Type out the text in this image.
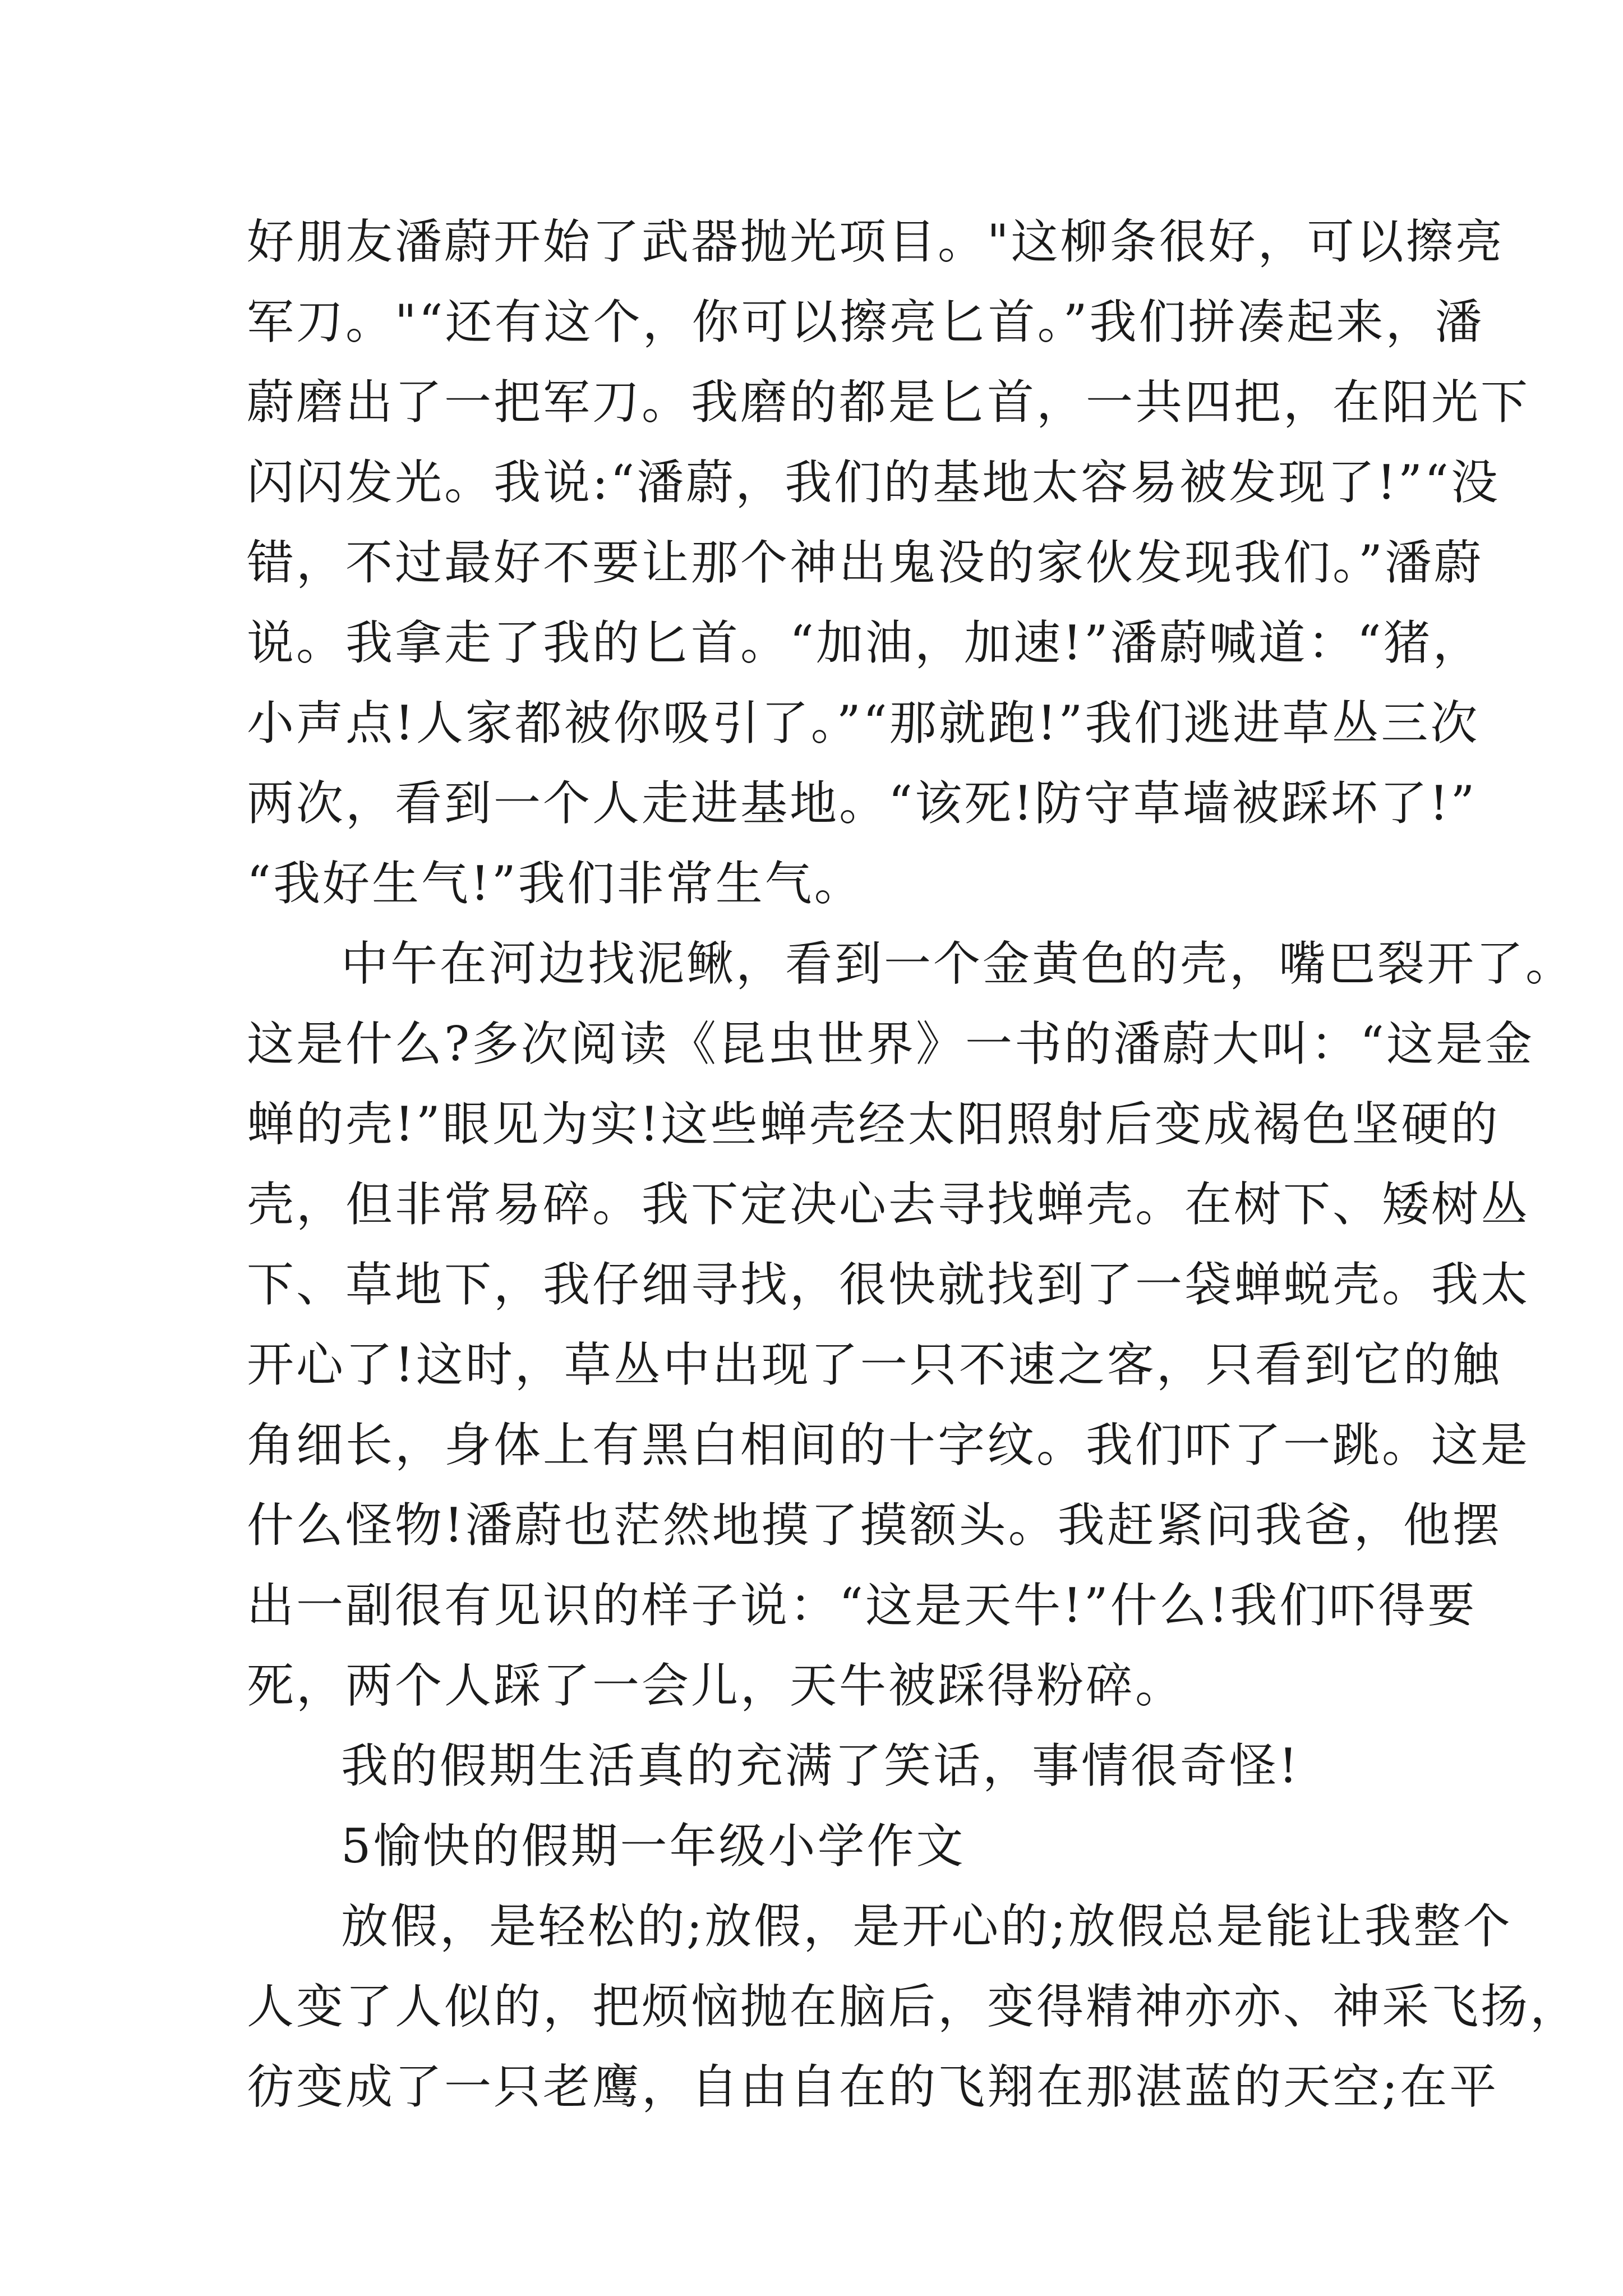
好朋友潘蔚开始了武器抛光项目。"这柳条很好，可以擦亮
军刀。"“还有这个，你可以擦亮匕首。”我们拼凑起来，潘
蔚磨出了一把军刀。我磨的都是匕首，一共四把，在阳光下
闪闪发光。我说:“潘蔚，我们的基地太容易被发现了!”“没
错，不过最好不要让那个神出鬼没的家伙发现我们。”潘蔚
说。我拿走了我的匕首。“加油，加速!”潘蔚喊道：“猪，
小声点!人家都被你吸引了。”“那就跑!”我们逃进草丛三次
两次，看到一个人走进基地。“该死!防守草墙被踩坏了!”
“我好生气!”我们非常生气。
中午在河边找泥鳅，看到一个金黄色的壳，嘴巴裂开了。
这是什么?多次阅读《昆虫世界》一书的潘蔚大叫：“这是金
蝉的壳!”眼见为实!这些蝉壳经太阳照射后变成褐色坚硬的
壳，但非常易碎。我下定决心去寻找蝉壳。在树下、矮树丛
下、草地下，我仔细寻找，很快就找到了一袋蝉蜕壳。我太
开心了!这时，草丛中出现了一只不速之客，只看到它的触
角细长，身体上有黑白相间的十字纹。我们吓了一跳。这是
什么怪物!潘蔚也茫然地摸了摸额头。我赶紧问我爸，他摆
出一副很有见识的样子说：“这是天牛!”什么!我们吓得要
死，两个人踩了一会儿，天牛被踩得粉碎。
我的假期生活真的充满了笑话，事情很奇怪!
5愉快的假期一年级小学作文
放假，是轻松的;放假，是开心的;放假总是能让我整个
人变了人似的，把烦恼抛在脑后，变得精神亦亦、神采飞扬，
彷变成了一只老鹰，自由自在的飞翔在那湛蓝的天空;在平
